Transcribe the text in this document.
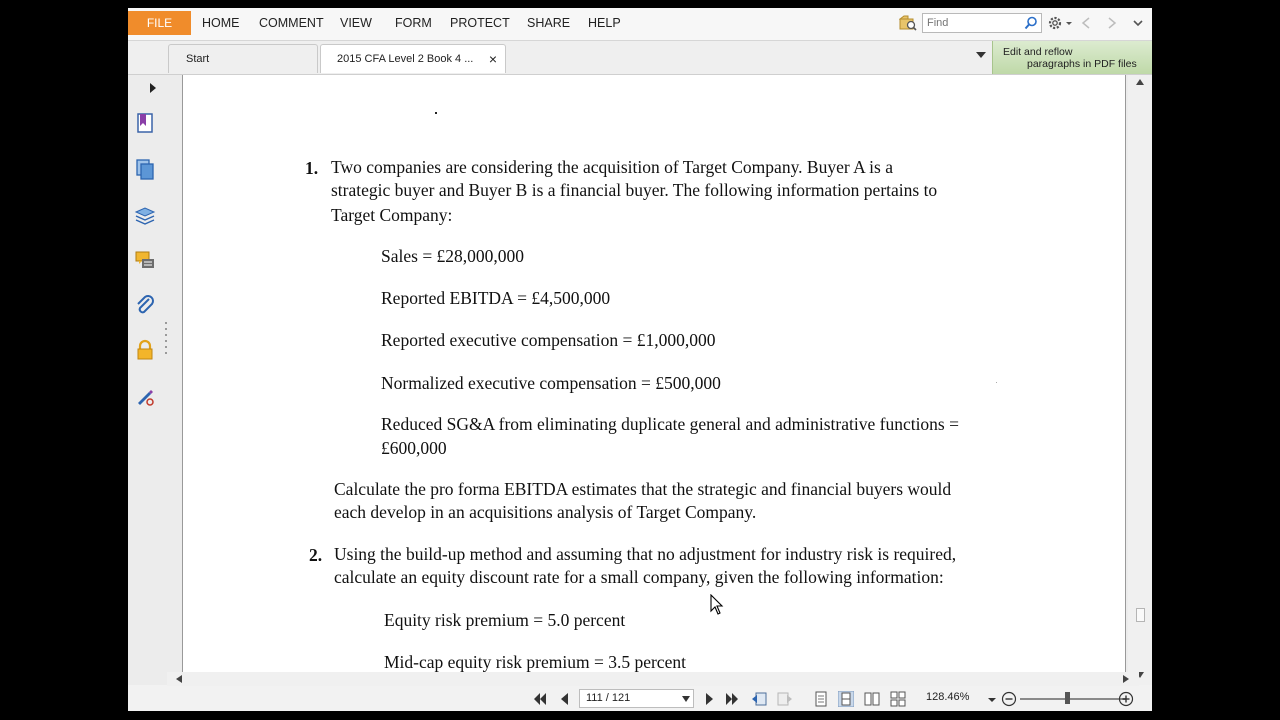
FILE	HOME COMMENT VIEW FORM PROTECT SHARE HELP
Find
Start	2015 CFA Level 2 Book 4 ... ×	Edit and reflow
paragraphs in PDF files
1. Two companies are considering the acquisition of Target Company. Buyer A is a
strategic buyer and Buyer B is a financial buyer. The following information pertains to
Target Company:
Sales = £28,000,000
Reported EBITDA = £4,500,000
Reported executive compensation = £1,000,000
Normalized executive compensation = £500,000
Reduced SG&A from eliminating duplicate general and administrative functions =
£600,000
Calculate the pro forma EBITDA estimates that the strategic and financial buyers would
each develop in an acquisitions analysis of Target Company.
2. Using the build-up method and assuming that no adjustment for industry risk is required,
calculate an equity discount rate for a small company, given the following information:
Equity risk premium = 5.0 percent
Mid-cap equity risk premium = 3.5 percent
111 / 121	128.46%
